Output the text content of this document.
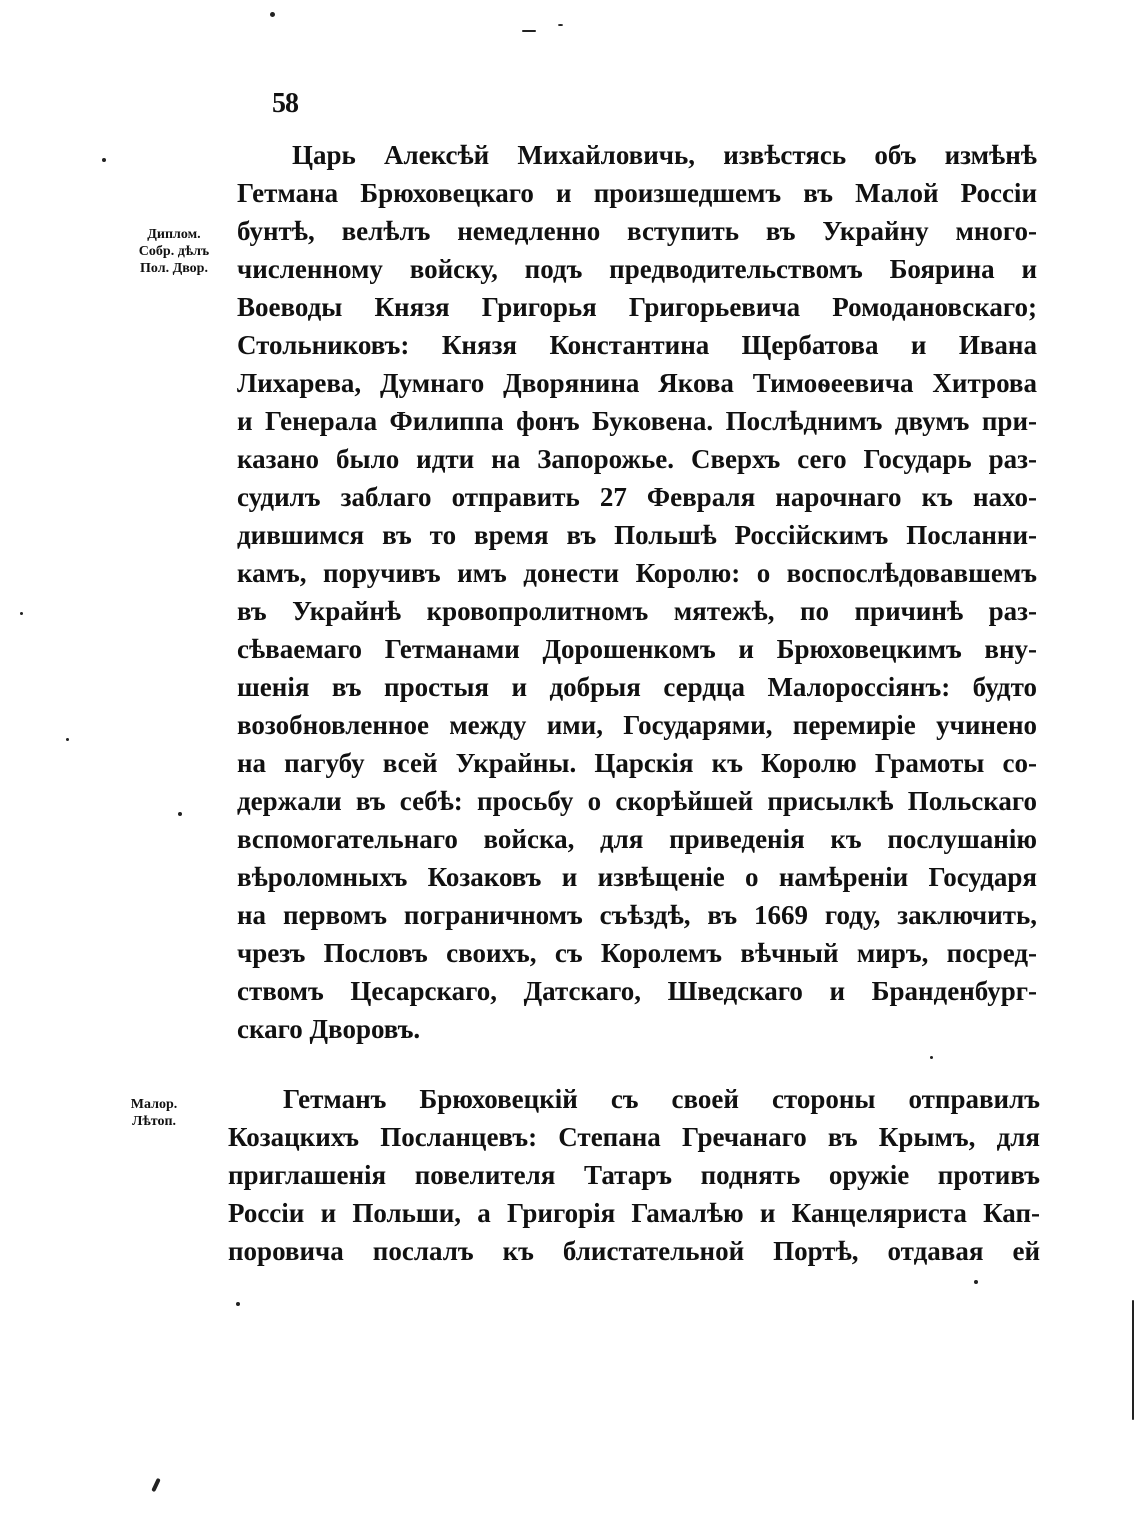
58
Диплом.
Собр. дѣлъ
Пол. Двор.
Малор.
Лѣтоп.
Царь Алексѣй Михайловичь, извѣстясь объ измѣнѣ
Гетмана Брюховецкаго и произшедшемъ въ Малой Россіи
бунтѣ, велѣлъ немедленно вступить въ Украйну много-
численному войску, подъ предводительствомъ Боярина и
Воеводы Князя Григорья Григорьевича Ромодановскаго;
Стольниковъ: Князя Константина Щербатова и Ивана
Лихарева, Думнаго Дворянина Якова Тимоѳеевича Хитрова
и Генерала Филиппа фонъ Буковена. Послѣднимъ двумъ при-
казано было идти на Запорожье. Сверхъ сего Государь раз-
судилъ заблаго отправить 27 Февраля нарочнаго къ нахо-
дившимся въ то время въ Польшѣ Россійскимъ Посланни-
камъ, поручивъ имъ донести Королю: о воспослѣдовавшемъ
въ Украйнѣ кровопролитномъ мятежѣ, по причинѣ раз-
сѣваемаго Гетманами Дорошенкомъ и Брюховецкимъ вну-
шенія въ простыя и добрыя сердца Малороссіянъ: будто
возобновленное между ими, Государями, перемиріе учинено
на пагубу всей Украйны. Царскія къ Королю Грамоты со-
держали въ себѣ: просьбу о скорѣйшей присылкѣ Польскаго
вспомогательнаго войска, для приведенія къ послушанію
вѣроломныхъ Козаковъ и извѣщеніе о намѣреніи Государя
на первомъ пограничномъ съѣздѣ, въ 1669 году, заключить,
чрезъ Пословъ своихъ, съ Королемъ вѣчный миръ, посред-
ствомъ Цесарскаго, Датскаго, Шведскаго и Бранденбург-
скаго Дворовъ.
Гетманъ Брюховецкій съ своей стороны отправилъ
Козацкихъ Посланцевъ: Степана Гречанаго въ Крымъ, для
приглашенія повелителя Татаръ поднять оружіе противъ
Россіи и Польши, а Григорія Гамалѣю и Канцеляриста Кап-
поровича послалъ къ блистательной Портѣ, отдавая ей
